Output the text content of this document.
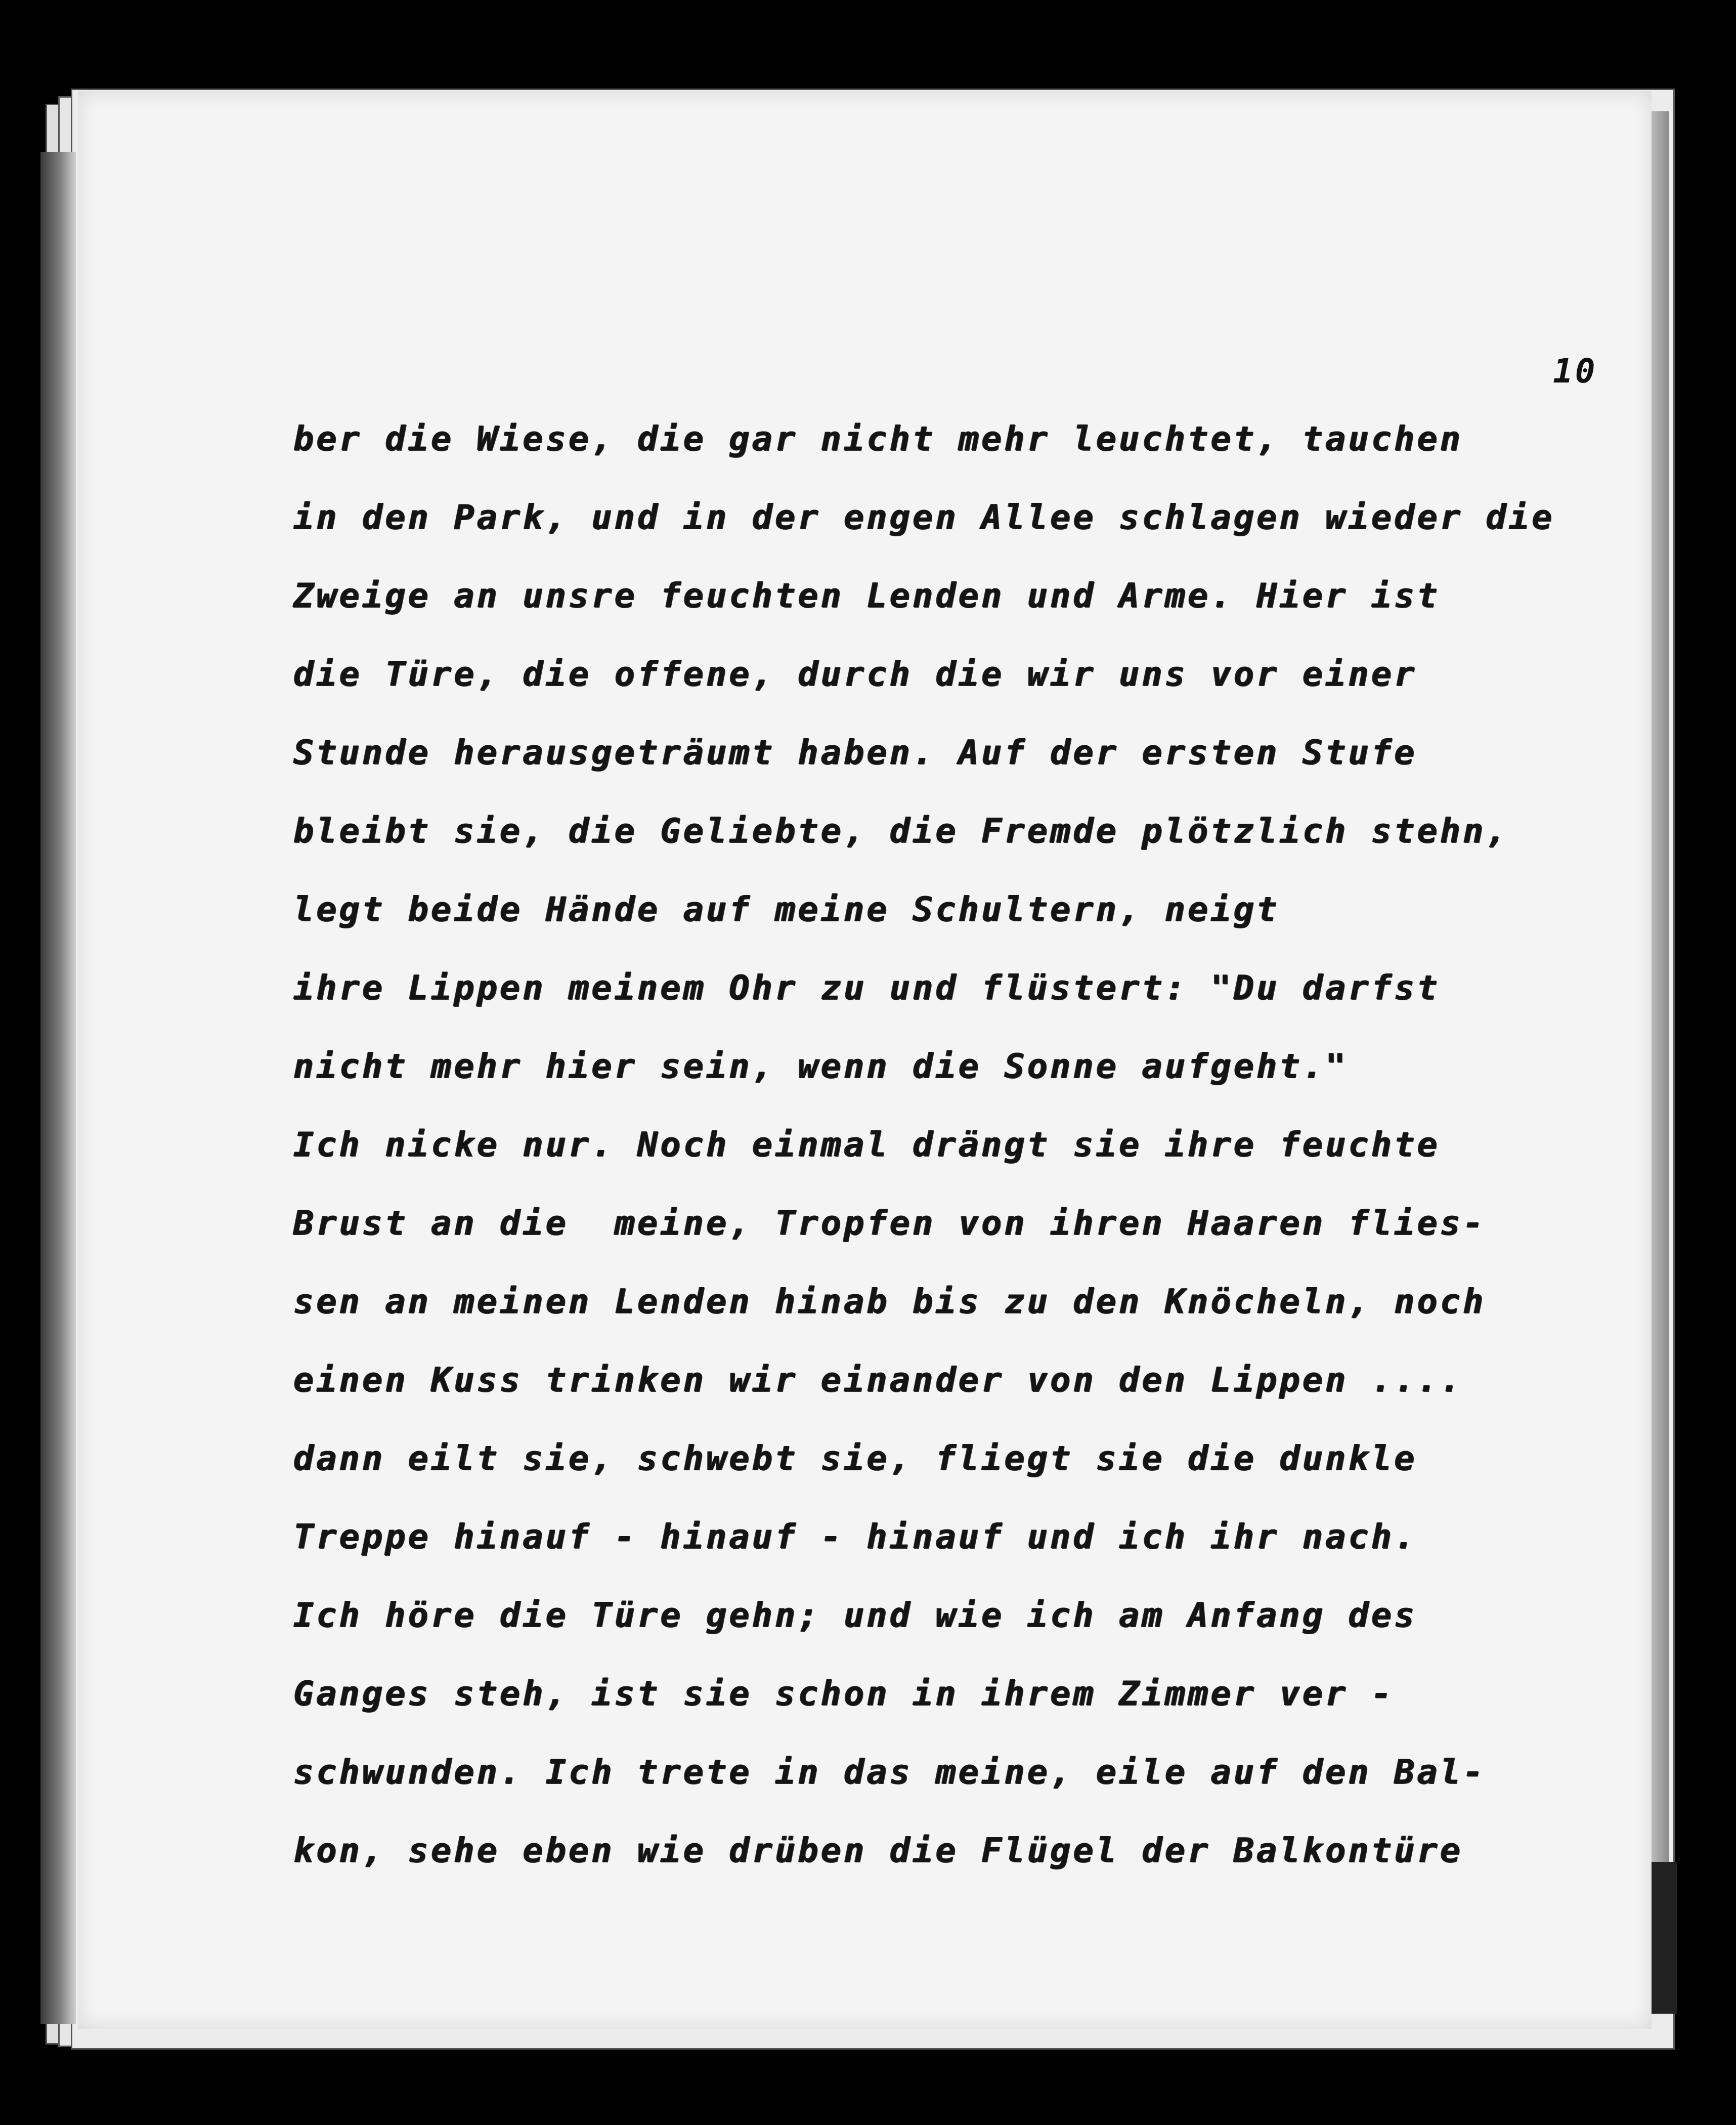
10
ber die Wiese, die gar nicht mehr leuchtet, tauchen
in den Park, und in der engen Allee schlagen wieder die
Zweige an unsre feuchten Lenden und Arme. Hier ist
die Türe, die offene, durch die wir uns vor einer
Stunde herausgeträumt haben. Auf der ersten Stufe
bleibt sie, die Geliebte, die Fremde plötzlich stehn,
legt beide Hände auf meine Schultern, neigt
ihre Lippen meinem Ohr zu und flüstert: "Du darfst
nicht mehr hier sein, wenn die Sonne aufgeht."
Ich nicke nur. Noch einmal drängt sie ihre feuchte
Brust an die  meine, Tropfen von ihren Haaren flies-
sen an meinen Lenden hinab bis zu den Knöcheln, noch
einen Kuss trinken wir einander von den Lippen ....
dann eilt sie, schwebt sie, fliegt sie die dunkle
Treppe hinauf - hinauf - hinauf und ich ihr nach.
Ich höre die Türe gehn; und wie ich am Anfang des
Ganges steh, ist sie schon in ihrem Zimmer ver -
schwunden. Ich trete in das meine, eile auf den Bal-
kon, sehe eben wie drüben die Flügel der Balkontüre
